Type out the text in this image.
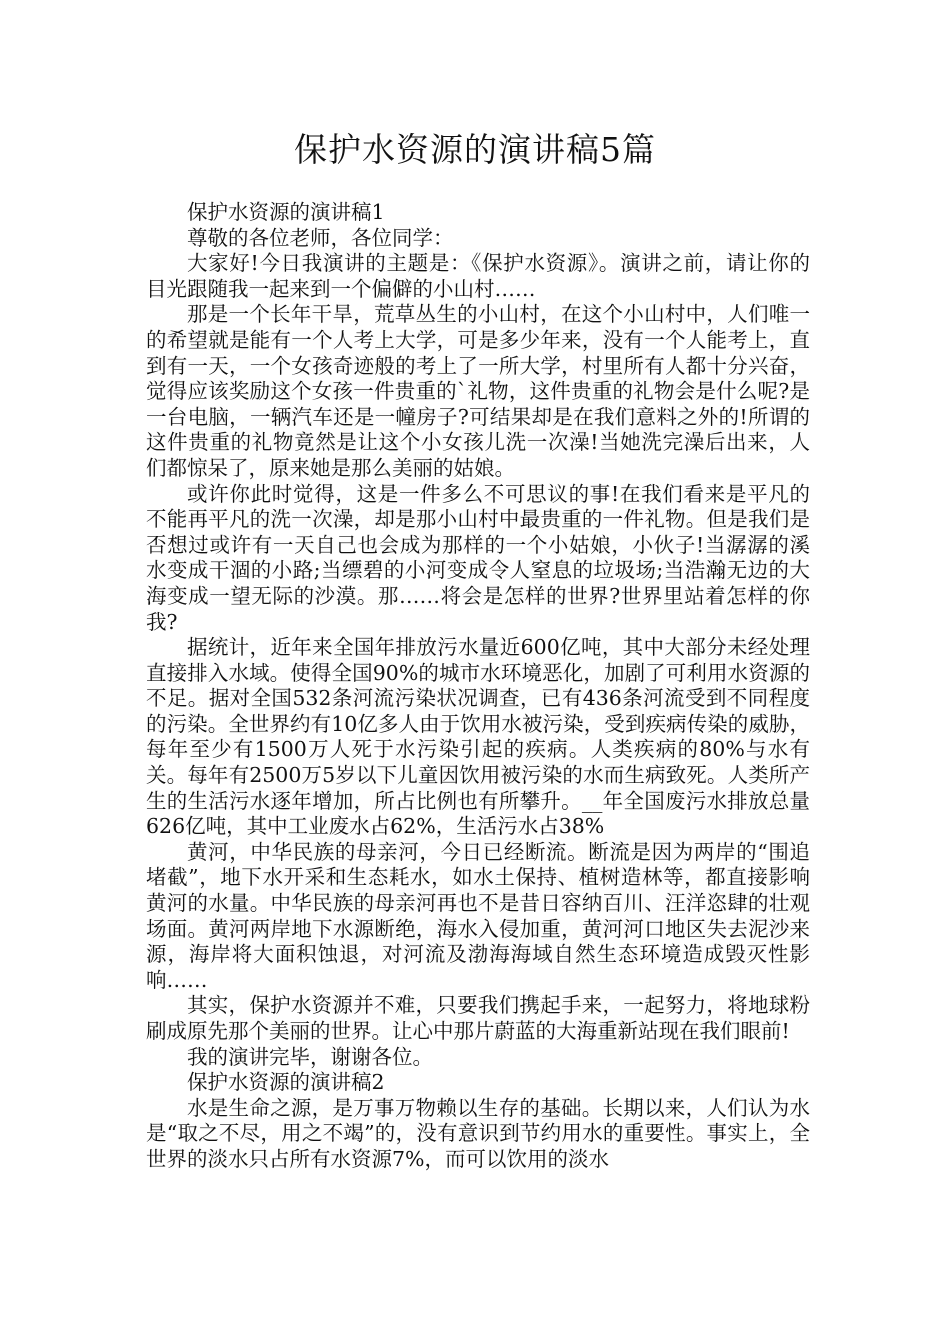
保护水资源的演讲稿5篇

保护水资源的演讲稿1

尊敬的各位老师，各位同学：

大家好!今日我演讲的主题是：《保护水资源》。演讲之前，请让你的目光跟随我一起来到一个偏僻的小山村……

那是一个长年干旱，荒草丛生的小山村，在这个小山村中，人们唯一的希望就是能有一个人考上大学，可是多少年来，没有一个人能考上，直到有一天，一个女孩奇迹般的考上了一所大学，村里所有人都十分兴奋，觉得应该奖励这个女孩一件贵重的`礼物，这件贵重的礼物会是什么呢?是一台电脑，一辆汽车还是一幢房子?可结果却是在我们意料之外的!所谓的这件贵重的礼物竟然是让这个小女孩儿洗一次澡!当她洗完澡后出来，人们都惊呆了，原来她是那么美丽的姑娘。

或许你此时觉得，这是一件多么不可思议的事!在我们看来是平凡的不能再平凡的洗一次澡，却是那小山村中最贵重的一件礼物。但是我们是否想过或许有一天自己也会成为那样的一个小姑娘，小伙子!当潺潺的溪水变成干涸的小路;当缥碧的小河变成令人窒息的垃圾场;当浩瀚无边的大海变成一望无际的沙漠。那……将会是怎样的世界?世界里站着怎样的你我?

据统计，近年来全国年排放污水量近600亿吨，其中大部分未经处理直接排入水域。使得全国90%的城市水环境恶化，加剧了可利用水资源的不足。据对全国532条河流污染状况调查，已有436条河流受到不同程度的污染。全世界约有10亿多人由于饮用水被污染，受到疾病传染的威胁，每年至少有1500万人死于水污染引起的疾病。人类疾病的80%与水有关。每年有2500万5岁以下儿童因饮用被污染的水而生病致死。人类所产生的生活污水逐年增加，所占比例也有所攀升。__年全国废污水排放总量626亿吨，其中工业废水占62%，生活污水占38%

黄河，中华民族的母亲河，今日已经断流。断流是因为两岸的“围追堵截”，地下水开采和生态耗水，如水土保持、植树造林等，都直接影响黄河的水量。中华民族的母亲河再也不是昔日容纳百川、汪洋恣肆的壮观场面。黄河两岸地下水源断绝，海水入侵加重，黄河河口地区失去泥沙来源，海岸将大面积蚀退，对河流及渤海海域自然生态环境造成毁灭性影响……

其实，保护水资源并不难，只要我们携起手来，一起努力，将地球粉刷成原先那个美丽的世界。让心中那片蔚蓝的大海重新站现在我们眼前!

我的演讲完毕，谢谢各位。

保护水资源的演讲稿2

水是生命之源，是万事万物赖以生存的基础。长期以来，人们认为水是“取之不尽，用之不竭”的，没有意识到节约用水的重要性。事实上，全世界的淡水只占所有水资源7%，而可以饮用的淡水
